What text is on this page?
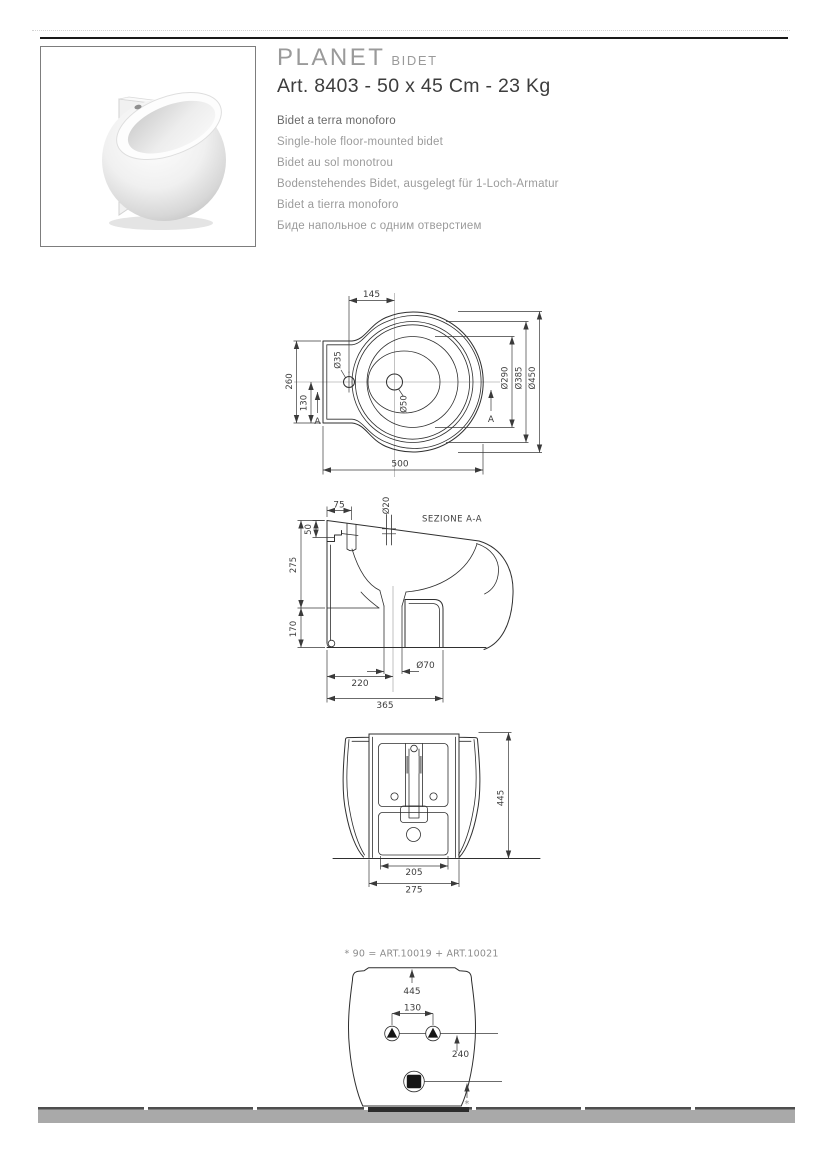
PLANET BIDET
Art. 8403 - 50 x 45 Cm - 23 Kg
Bidet a terra monoforo
Single-hole floor-mounted bidet
Bidet au sol monotrou
Bodenstehendes Bidet, ausgelegt für 1-Loch-Armatur
Bidet a tierra monoforo
Биде напольное с одним отверстием
145
500
Ø290 Ø385 Ø450
260
130
Ø35
Ø50
A	A
SEZIONE A-A
75	Ø20
50
275
170
Ø70
220
365
205
275
445
* 90 = ART.10019 + ART.10021
445
130
240
*
